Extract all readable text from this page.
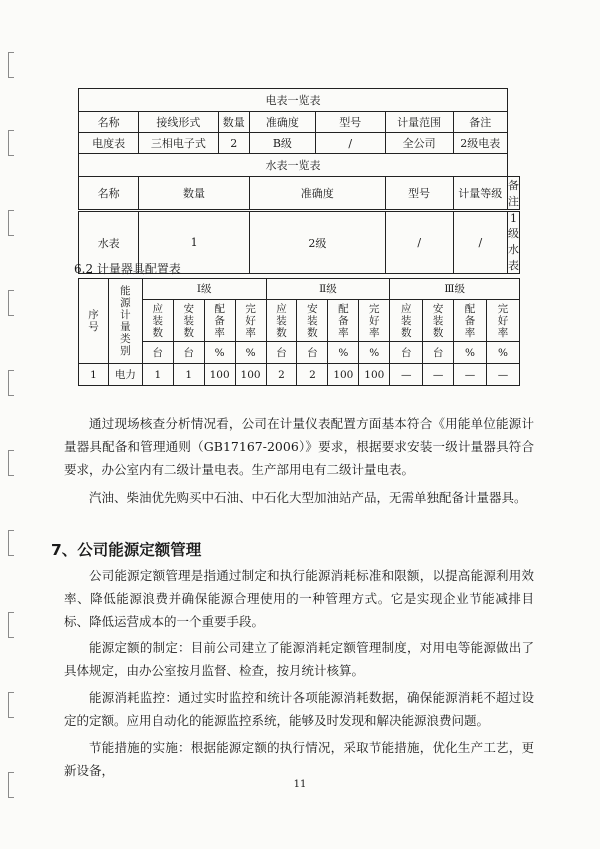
电表一览表							
名称	接线形式	数量	准确度	型号	计量范围	备注	
电度表	三相电子式	2	B级	/	全公司	2级电表	
水表一览表							
名称	数量		准确度		型号	计量等级	备注
水表	1	2级	/	/	1级水表
6.2 计量器具配置表
序号	能源计量类别	Ⅰ级				Ⅱ级				Ⅲ级			
		应装数	安装数	配备率	完好率	应装数	安装数	配备率	完好率	应装数	安装数	配备率	完好率
		台	台	%	%	台	台	%	%	台	台	%	%
1	电力	1	1	100	100	2	2	100	100	—	—	—	—

通过现场核查分析情况看，公司在计量仪表配置方面基本符合《用能单位能源计量器具配备和管理通则（GB17167-2006）》要求，根据要求安装一级计量器具符合要求，办公室内有二级计量电表。生产部用电有二级计量电表。

汽油、柴油优先购买中石油、中石化大型加油站产品，无需单独配备计量器具。

7、公司能源定额管理

公司能源定额管理是指通过制定和执行能源消耗标准和限额，以提高能源利用效率、降低能源浪费并确保能源合理使用的一种管理方式。它是实现企业节能减排目标、降低运营成本的一个重要手段。

能源定额的制定：目前公司建立了能源消耗定额管理制度，对用电等能源做出了具体规定，由办公室按月监督、检查，按月统计核算。

能源消耗监控：通过实时监控和统计各项能源消耗数据，确保能源消耗不超过设定的定额。应用自动化的能源监控系统，能够及时发现和解决能源浪费问题。

节能措施的实施：根据能源定额的执行情况，采取节能措施，优化生产工艺，更新设备，

11
